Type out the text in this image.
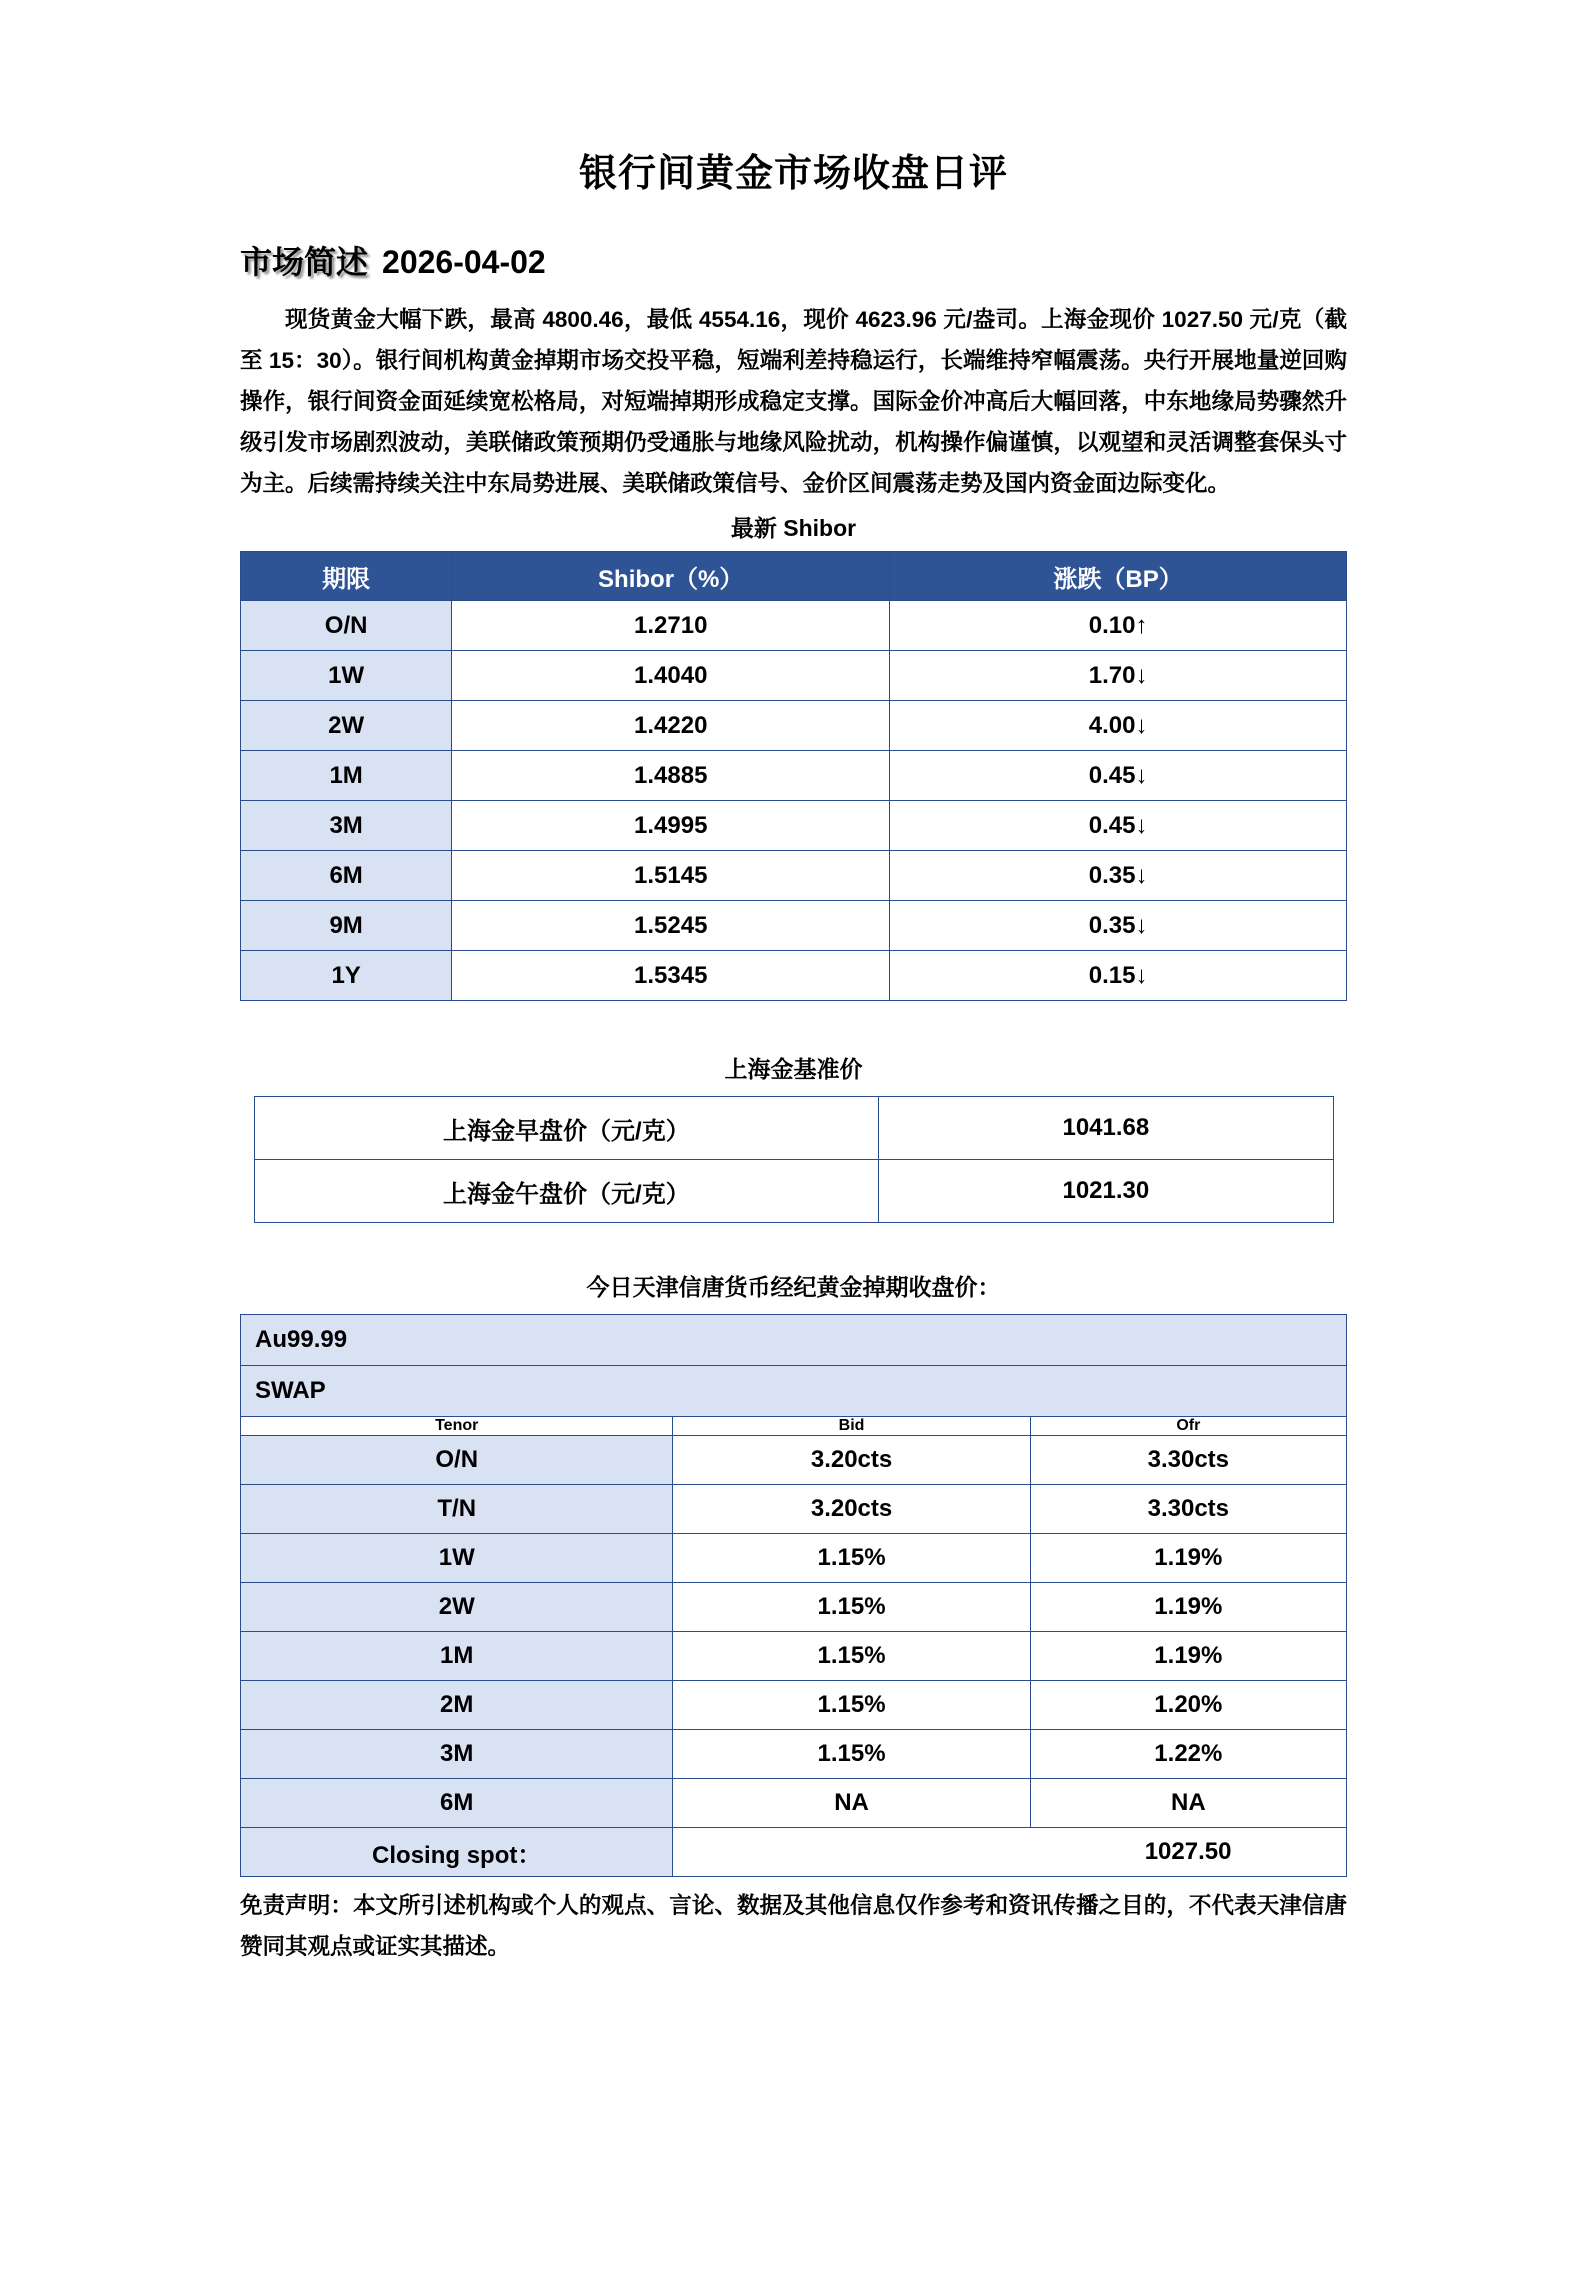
银行间黄金市场收盘日评
市场简述 2026-04-02

现货黄金大幅下跌，最高 4800.46，最低 4554.16，现价 4623.96 元/盎司。上海金现价 1027.50 元/克（截至 15：30）。银行间机构黄金掉期市场交投平稳，短端利差持稳运行，长端维持窄幅震荡。央行开展地量逆回购操作，银行间资金面延续宽松格局，对短端掉期形成稳定支撑。国际金价冲高后大幅回落，中东地缘局势骤然升级引发市场剧烈波动，美联储政策预期仍受通胀与地缘风险扰动，机构操作偏谨慎，以观望和灵活调整套保头寸为主。后续需持续关注中东局势进展、美联储政策信号、金价区间震荡走势及国内资金面边际变化。

最新 Shibor
期限	Shibor（%）	涨跌（BP）
O/N	1.2710	0.10↑
1W	1.4040	1.70↓
2W	1.4220	4.00↓
1M	1.4885	0.45↓
3M	1.4995	0.45↓
6M	1.5145	0.35↓
9M	1.5245	0.35↓
1Y	1.5345	0.15↓
上海金基准价
上海金早盘价（元/克）	1041.68
上海金午盘价（元/克）	1021.30
今日天津信唐货币经纪黄金掉期收盘价：
Au99.99		
SWAP		
Tenor	Bid	Ofr
O/N	3.20cts	3.30cts
T/N	3.20cts	3.30cts
1W	1.15%	1.19%
2W	1.15%	1.19%
1M	1.15%	1.19%
2M	1.15%	1.20%
3M	1.15%	1.22%
6M	NA	NA
Closing spot：		1027.50

免责声明：本文所引述机构或个人的观点、言论、数据及其他信息仅作参考和资讯传播之目的，不代表天津信唐赞同其观点或证实其描述。
